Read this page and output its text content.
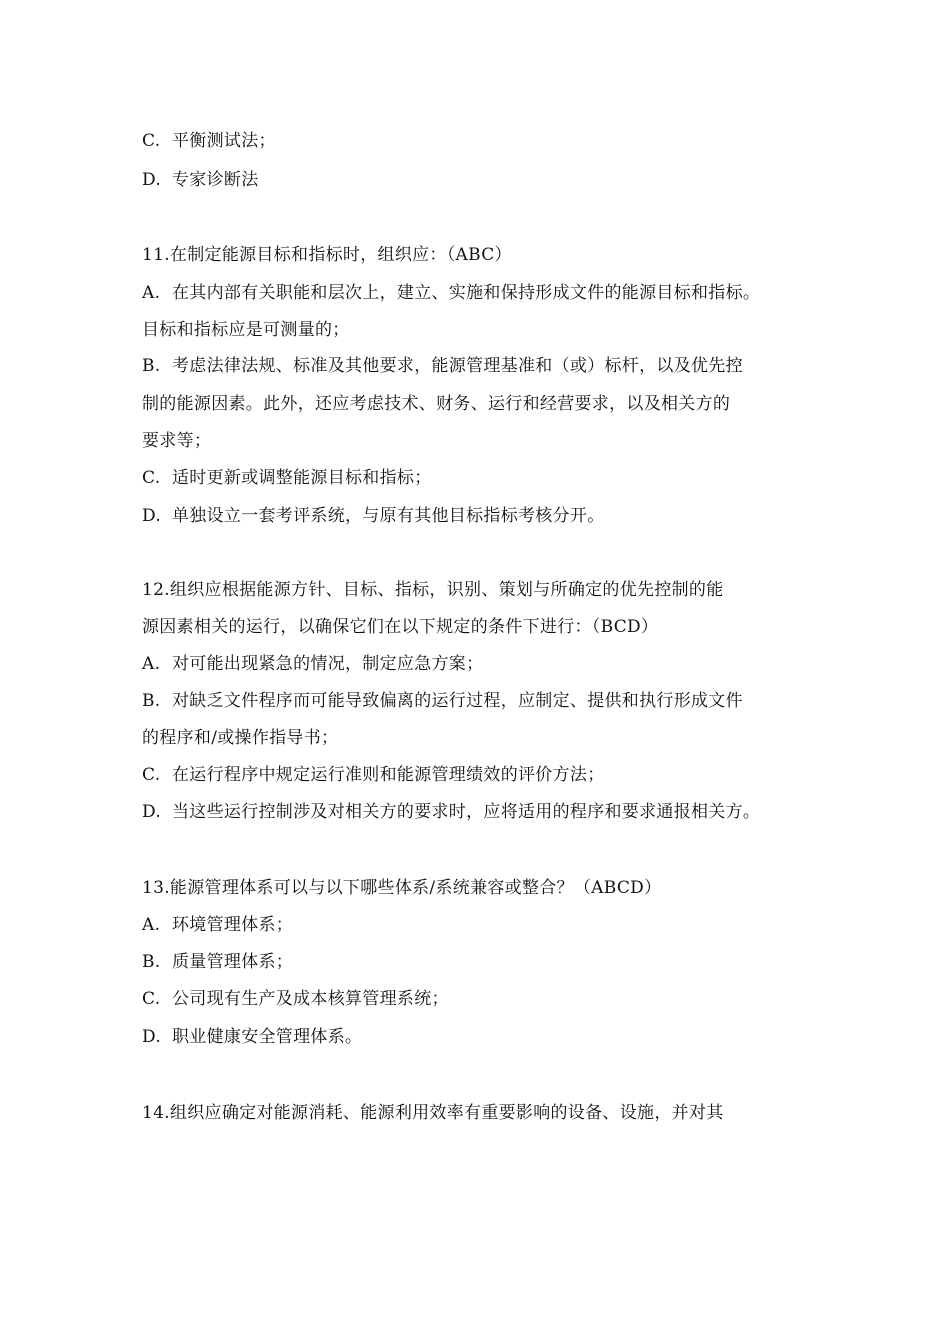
C. 平衡测试法；
D. 专家诊断法
11.在制定能源目标和指标时，组织应：（ABC）
A. 在其内部有关职能和层次上，建立、实施和保持形成文件的能源目标和指标。
目标和指标应是可测量的；
B. 考虑法律法规、标准及其他要求，能源管理基准和（或）标杆，以及优先控
制的能源因素。此外，还应考虑技术、财务、运行和经营要求，以及相关方的
要求等；
C. 适时更新或调整能源目标和指标；
D. 单独设立一套考评系统，与原有其他目标指标考核分开。
12.组织应根据能源方针、目标、指标，识别、策划与所确定的优先控制的能
源因素相关的运行，以确保它们在以下规定的条件下进行：（BCD）
A. 对可能出现紧急的情况，制定应急方案；
B. 对缺乏文件程序而可能导致偏离的运行过程，应制定、提供和执行形成文件
的程序和/或操作指导书；
C. 在运行程序中规定运行准则和能源管理绩效的评价方法；
D. 当这些运行控制涉及对相关方的要求时，应将适用的程序和要求通报相关方。
13.能源管理体系可以与以下哪些体系/系统兼容或整合？（ABCD）
A. 环境管理体系；
B. 质量管理体系；
C. 公司现有生产及成本核算管理系统；
D. 职业健康安全管理体系。
14.组织应确定对能源消耗、能源利用效率有重要影响的设备、设施，并对其
